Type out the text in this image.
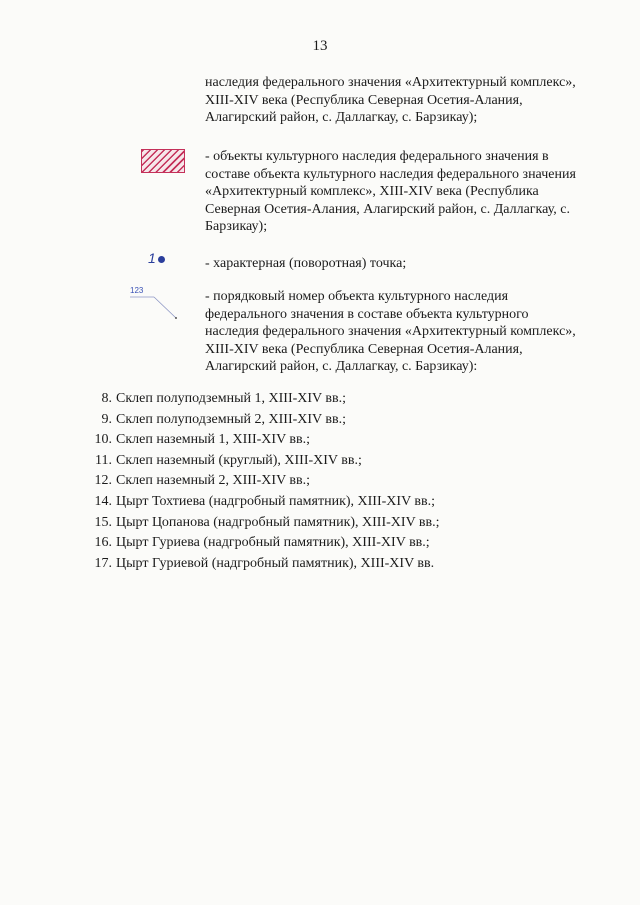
13
наследия федерального значения «Архитектурный комплекс», XIII-XIV века (Республика Северная Осетия-Алания, Алагирский район, с. Даллагкау, с. Барзикау);
- объекты культурного наследия федерального значения в составе объекта культурного наследия федерального значения «Архитектурный комплекс», XIII-XIV века (Республика Северная Осетия-Алания, Алагирский район, с. Даллагкау, с. Барзикау);
1	- характерная (поворотная) точка;
123	- порядковый номер объекта культурного наследия федерального значения в составе объекта культурного наследия федерального значения «Архитектурный комплекс», XIII-XIV века (Республика Северная Осетия-Алания, Алагирский район, с. Даллагкау, с. Барзикау):
8. Склеп полуподземный 1, XIII-XIV вв.;
9. Склеп полуподземный 2, XIII-XIV вв.;
10. Склеп наземный 1, XIII-XIV вв.;
11. Склеп наземный (круглый), XIII-XIV вв.;
12. Склеп наземный 2, XIII-XIV вв.;
14. Цырт Тохтиева (надгробный памятник), XIII-XIV вв.;
15. Цырт Цопанова (надгробный памятник), XIII-XIV вв.;
16. Цырт Гуриева (надгробный памятник), XIII-XIV вв.;
17. Цырт Гуриевой (надгробный памятник), XIII-XIV вв.
